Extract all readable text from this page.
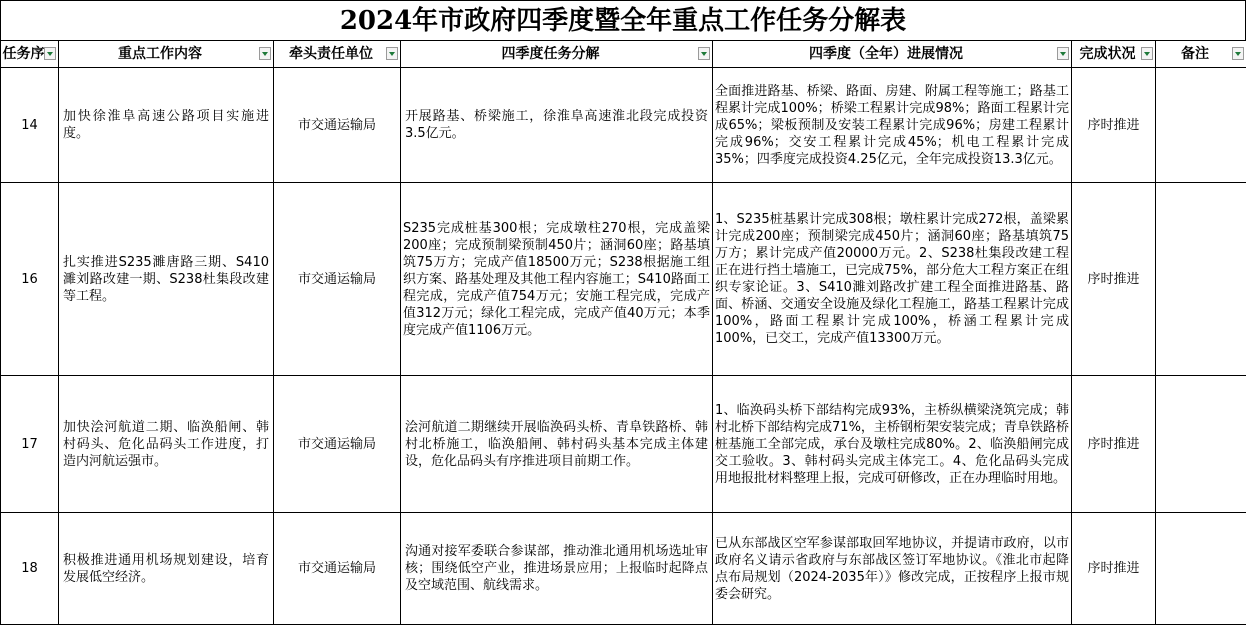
2024年市政府四季度暨全年重点工作任务分解表
任务序	重点工作内容	牵头责任单位	四季度任务分解	四季度（全年）进展情况	完成状况	备注

14	加快徐淮阜高速公路项目实施进度。	市交通运输局	开展路基、桥梁施工，徐淮阜高速淮北段完成投资3.5亿元。	全面推进路基、桥梁、路面、房建、附属工程等施工；路基工程累计完成100%；桥梁工程累计完成98%；路面工程累计完成65%；梁板预制及安装工程累计完成96%；房建工程累计完成96%；交安工程累计完成45%；机电工程累计完成35%；四季度完成投资4.25亿元，全年完成投资13.3亿元。	序时推进	
16	扎实推进S235濉唐路三期、S410濉刘路改建一期、S238杜集段改建等工程。	市交通运输局	S235完成桩基300根；完成墩柱270根，完成盖梁200座；完成预制梁预制450片；涵洞60座；路基填筑75万方；完成产值18500万元；S238根据施工组织方案、路基处理及其他工程内容施工；S410路面工程完成，完成产值754万元；安施工程完成，完成产值312万元；绿化工程完成，完成产值40万元；本季度完成产值1106万元。	1、S235桩基累计完成308根；墩柱累计完成272根，盖梁累计完成200座；预制梁完成450片；涵洞60座；路基填筑75万方；累计完成产值20000万元。2、S238杜集段改建工程正在进行挡土墙施工，已完成75%，部分危大工程方案正在组织专家论证。3、S410濉刘路改扩建工程全面推进路基、路面、桥涵、交通安全设施及绿化工程施工，路基工程累计完成100%，路面工程累计完成100%，桥涵工程累计完成100%，已交工，完成产值13300万元。	序时推进	
17	加快浍河航道二期、临涣船闸、韩村码头、危化品码头工作进度，打造内河航运强市。	市交通运输局	浍河航道二期继续开展临涣码头桥、青阜铁路桥、韩村北桥施工，临涣船闸、韩村码头基本完成主体建设，危化品码头有序推进项目前期工作。	1、临涣码头桥下部结构完成93%，主桥纵横梁浇筑完成；韩村北桥下部结构完成71%，主桥钢桁架安装完成；青阜铁路桥桩基施工全部完成，承台及墩柱完成80%。2、临涣船闸完成交工验收。3、韩村码头完成主体完工。4、危化品码头完成用地报批材料整理上报，完成可研修改，正在办理临时用地。	序时推进	
18	积极推进通用机场规划建设，培育发展低空经济。	市交通运输局	沟通对接军委联合参谋部，推动淮北通用机场选址审核；围绕低空产业，推进场景应用；上报临时起降点及空域范围、航线需求。	已从东部战区空军参谋部取回军地协议，并提请市政府，以市政府名义请示省政府与东部战区签订军地协议。《淮北市起降点布局规划（2024-2035年）》修改完成，正按程序上报市规委会研究。	序时推进	
